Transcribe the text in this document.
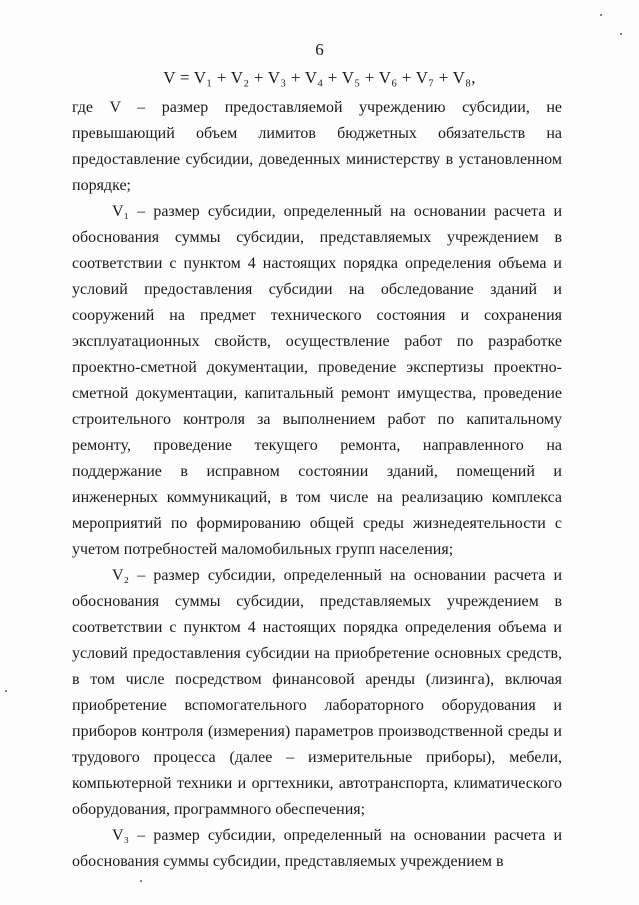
6
V = V₁ + V₂ + V₃ + V₄ + V₅ + V₆ + V₇ + V₈,

где V – размер предоставляемой учреждению субсидии, не превышающий объем лимитов бюджетных обязательств на предоставление субсидии, доведенных министерству в установленном порядке;

V₁ – размер субсидии, определенный на основании расчета и обоснования суммы субсидии, представляемых учреждением в соответствии с пунктом 4 настоящих порядка определения объема и условий предоставления субсидии на обследование зданий и сооружений на предмет технического состояния и сохранения эксплуатационных свойств, осуществление работ по разработке проектно-сметной документации, проведение экспертизы проектно-сметной документации, капитальный ремонт имущества, проведение строительного контроля за выполнением работ по капитальному ремонту, проведение текущего ремонта, направленного на поддержание в исправном состоянии зданий, помещений и инженерных коммуникаций, в том числе на реализацию комплекса мероприятий по формированию общей среды жизнедеятельности с учетом потребностей маломобильных групп населения;

V₂ – размер субсидии, определенный на основании расчета и обоснования суммы субсидии, представляемых учреждением в соответствии с пунктом 4 настоящих порядка определения объема и условий предоставления субсидии на приобретение основных средств, в том числе посредством финансовой аренды (лизинга), включая приобретение вспомогательного лабораторного оборудования и приборов контроля (измерения) параметров производственной среды и трудового процесса (далее – измерительные приборы), мебели, компьютерной техники и оргтехники, автотранспорта, климатического оборудования, программного обеспечения;

V₃ – размер субсидии, определенный на основании расчета и обоснования суммы субсидии, представляемых учреждением в
